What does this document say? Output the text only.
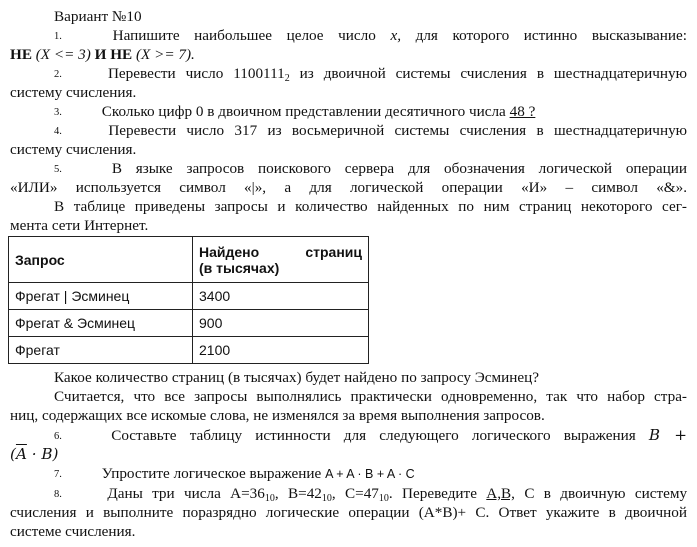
Вариант №10
1.	Напишите наибольшее целое число x, для которого истинно высказывание:
НЕ (X <= 3) И НЕ (X >= 7).
2.	Перевести число $1100111_2$ из двоичной системы счисления в шестнадцатеричную
систему счисления.
3.	Сколько цифр 0 в двоичном представлении десятичного числа 48 ?
4.	Перевести число 317 из восьмеричной системы счисления в шестнадцатеричную
систему счисления.
5.	В языке запросов поискового сервера для обозначения логической операции
«ИЛИ» используется символ «|», а для логической операции «И» – символ «&».
В таблице приведены запросы и количество найденных по ним страниц некоторого сег-
мента сети Интернет.
Запрос	Найдено страниц
(в тысячах)

Фрегат | Эсминец	3400
Фрегат & Эсминец	900
Фрегат	2100
Какое количество страниц (в тысячах) будет найдено по запросу Эсминец?
Считается, что все запросы выполнялись практически одновременно, так что набор стра-
ниц, содержащих все искомые слова, не изменялся за время выполнения запросов.
6.	Составьте таблицу истинности для следующего логического выражения B +
$(\overline{A} \cdot B)$
7.	Упростите логическое выражение A + A · B + A · C
8.	Даны три числа $А=36_{10}$, $В=42_{10}$, $С=47_{10}$. Переведите А,В, С в двоичную систему
счисления и выполните поразрядно логические операции (А*В)+ С. Ответ укажите в двоичной
системе счисления.
